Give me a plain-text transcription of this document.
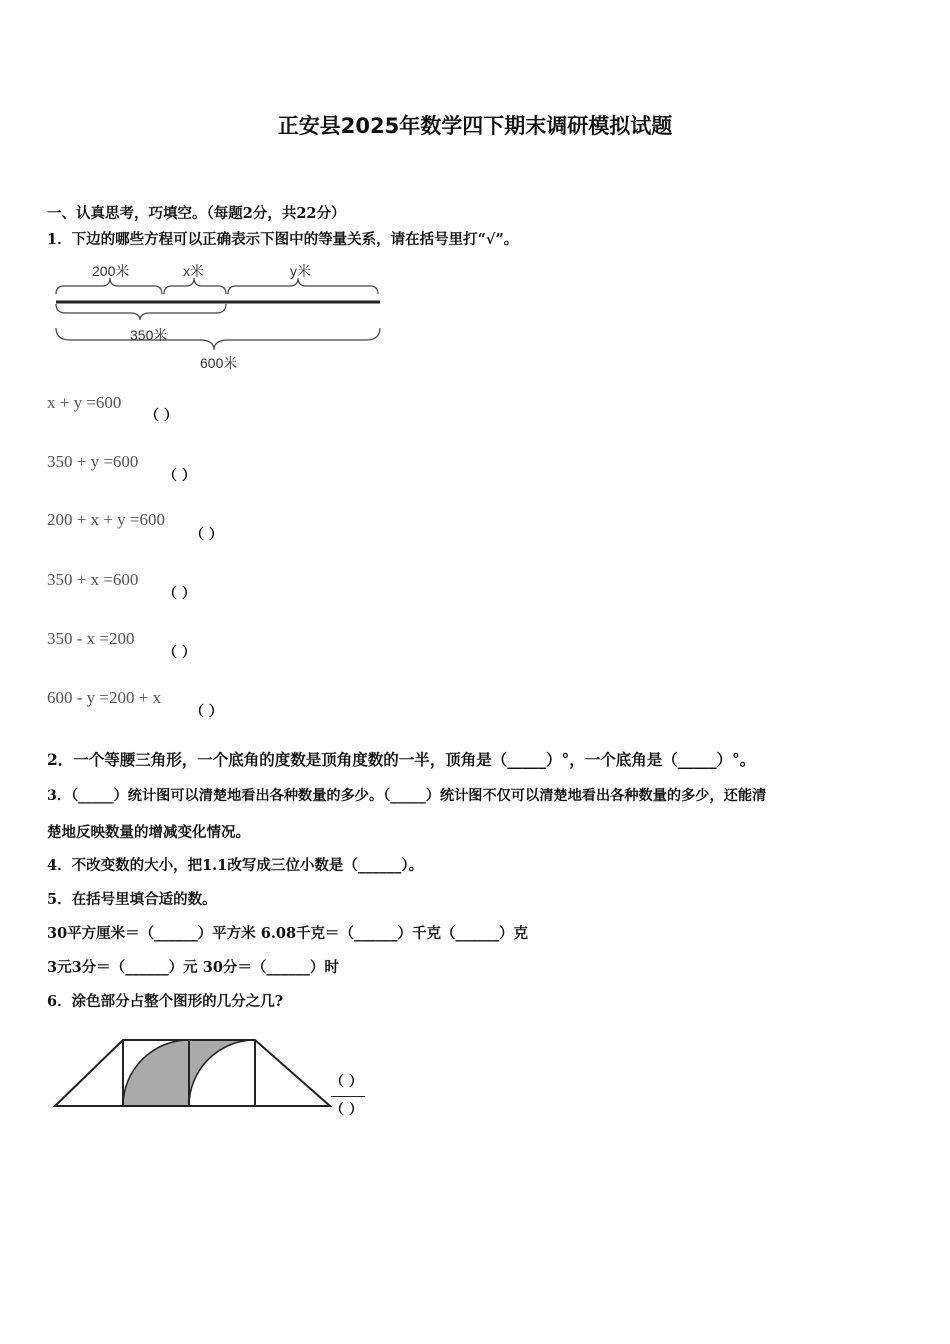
正安县2025年数学四下期末调研模拟试题
一、认真思考，巧填空。（每题2分，共22分）
1．下边的哪些方程可以正确表示下图中的等量关系，请在括号里打“√”。
200米	x米	y米
350米
600米
x + y =600
（ ）
350 + y =600
（ ）
200 + x + y =600
（ ）
350 + x =600
（ ）
350 - x =200
（ ）
600 - y =200 + x
（ ）
2．一个等腰三角形，一个底角的度数是顶角度数的一半，顶角是（_____）°，一个底角是（_____）°。
3．（_____）统计图可以清楚地看出各种数量的多少。（_____）统计图不仅可以清楚地看出各种数量的多少，还能清
楚地反映数量的增减变化情况。
4．不改变数的大小，把1.1改写成三位小数是（______）。
5．在括号里填合适的数。
30平方厘米＝（______）平方米 6.08千克＝（______）千克（______）克
3元3分＝（______）元 30分＝（______）时
6．涂色部分占整个图形的几分之几?
（ ）
（ ）
